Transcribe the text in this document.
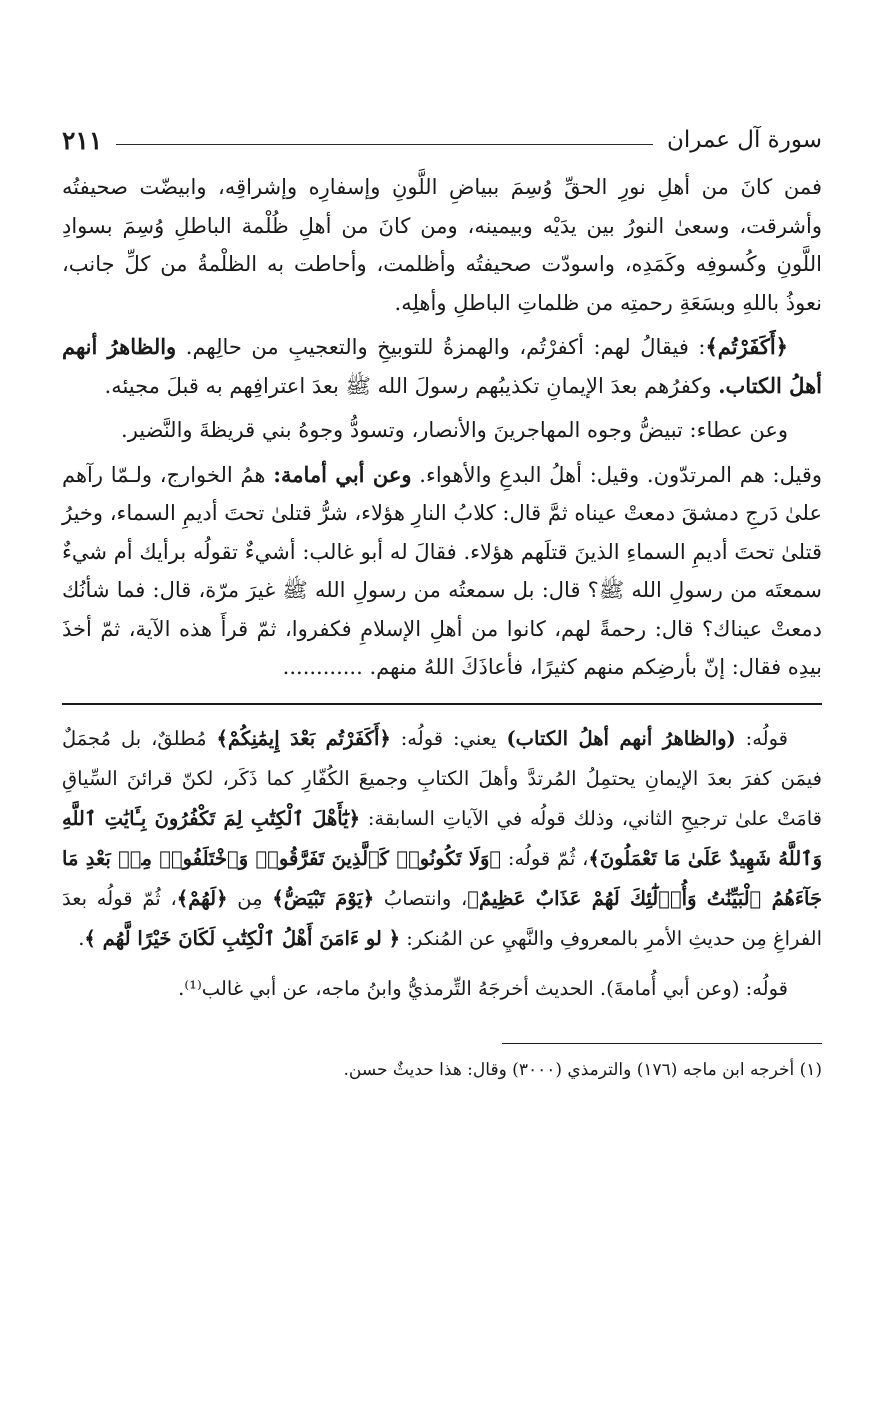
سورة آل عمران
٢١١

فمن كانَ من أهلِ نورِ الحقِّ وُسِمَ ببياضِ اللَّونِ وإسفارِه وإشراقِه، وابيضّت صحيفتُه وأشرقت، وسعىٰ النورُ بين يدَيْه وبيمينه، ومن كانَ من أهلِ ظُلْمة الباطلِ وُسِمَ بسوادِ اللَّونِ وكُسوفِه وكَمَدِه، واسودّت صحيفتُه وأظلمت، وأحاطت به الظلْمةُ من كلِّ جانب، نعوذُ باللهِ وبسَعَةِ رحمتِه من ظلماتِ الباطلِ وأهلِه.

﴿أَكَفَرْتُم﴾: فيقالُ لهم: أكفرْتُم، والهمزةُ للتوبيخِ والتعجيبِ من حالِهم. والظاهرُ أنهم أهلُ الكتاب. وكفرُهم بعدَ الإيمانِ تكذيبُهم رسولَ الله ﷺ بعدَ اعترافِهم به قبلَ مجيئه.

وعن عطاء: تبيضُّ وجوه المهاجرينَ والأنصار، وتسودُّ وجوهُ بني قريظةَ والنَّضير.

وقيل: هم المرتدّون. وقيل: أهلُ البدعِ والأهواء. وعن أبي أمامة: همُ الخوارج، ولـمّا رآهم علىٰ دَرجِ دمشقَ دمعتْ عيناه ثمَّ قال: كلابُ النارِ هؤلاء، شرُّ قتلىٰ تحتَ أديمِ السماء، وخيرُ قتلىٰ تحتَ أديمِ السماءِ الذينَ قتلَهم هؤلاء. فقالَ له أبو غالب: أشيءٌ تقولُه برأيك أم شيءٌ سمعتَه من رسولِ الله ﷺ؟ قال: بل سمعتُه من رسولِ الله ﷺ غيرَ مرّة، قال: فما شأنُك دمعتْ عيناك؟ قال: رحمةً لهم، كانوا من أهلِ الإسلامِ فكفروا، ثمّ قرأَ هذه الآية، ثمّ أخذَ بيدِه فقال: إنّ بأرضِكم منهم كثيرًا، فأعاذَكَ اللهُ منهم. ............

قولُه: (والظاهرُ أنهم أهلُ الكتاب) يعني: قولُه: ﴿أَكَفَرْتُم بَعْدَ إِيمَٰنِكُمْ﴾ مُطلقٌ، بل مُجمَلٌ فيمَن كفرَ بعدَ الإيمانِ يحتمِلُ المُرتدَّ وأهلَ الكتابِ وجميعَ الكُفّارِ كما ذَكَر، لكنّ قرائنَ السِّياقِ قامَتْ علىٰ ترجيحِ الثاني، وذلك قولُه في الآياتِ السابقة: ﴿يَٰٓأَهْلَ ٱلْكِتَٰبِ لِمَ تَكْفُرُونَ بِـَٔايَٰتِ ٱللَّهِ وَٱللَّهُ شَهِيدٌ عَلَىٰ مَا تَعْمَلُونَ﴾، ثُمّ قولُه: ﴿وَلَا تَكُونُوا۟ كَٱلَّذِينَ تَفَرَّقُوا۟ وَٱخْتَلَفُوا۟ مِنۢ بَعْدِ مَا جَآءَهُمُ ٱلْبَيِّنَٰتُ وَأُو۟لَٰٓئِكَ لَهُمْ عَذَابٌ عَظِيمٌ﴾، وانتصابُ ﴿يَوْمَ تَبْيَضُّ﴾ مِن ﴿لَهُمْ﴾، ثُمّ قولُه بعدَ الفراغِ مِن حديثِ الأمرِ بالمعروفِ والنَّهيِ عن المُنكر: ﴿ لو ءَامَنَ أَهْلُ ٱلْكِتَٰبِ لَكَانَ خَيْرًا لَّهُم ﴾.

قولُه: (وعن أبي أُمامةَ). الحديث أخرجَهُ التِّرمذيُّ وابنُ ماجه، عن أبي غالب⁽¹⁾.

(١) أخرجه ابن ماجه (١٧٦) والترمذي (٣٠٠٠) وقال: هذا حديثٌ حسن.
